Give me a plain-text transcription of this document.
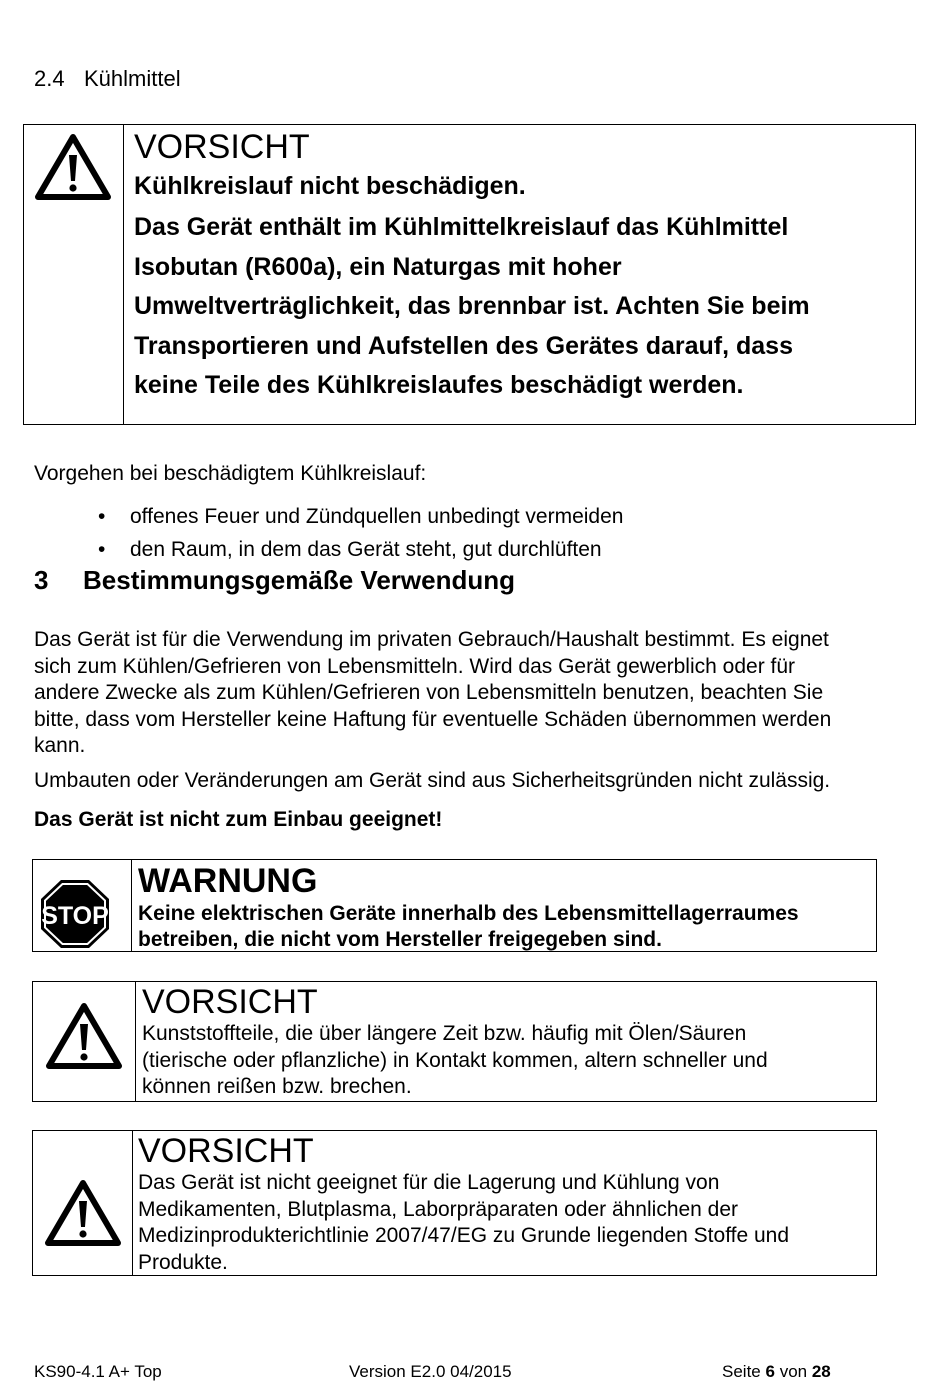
2.4 Kühlmittel
VORSICHT
Kühlkreislauf nicht beschädigen.
Das Gerät enthält im Kühlmittelkreislauf das Kühlmittel
Isobutan (R600a), ein Naturgas mit hoher
Umweltverträglichkeit, das brennbar ist. Achten Sie beim
Transportieren und Aufstellen des Gerätes darauf, dass
keine Teile des Kühlkreislaufes beschädigt werden.
Vorgehen bei beschädigtem Kühlkreislauf:
• offenes Feuer und Zündquellen unbedingt vermeiden
• den Raum, in dem das Gerät steht, gut durchlüften
3 Bestimmungsgemäße Verwendung
Das Gerät ist für die Verwendung im privaten Gebrauch/Haushalt bestimmt. Es eignet
sich zum Kühlen/Gefrieren von Lebensmitteln. Wird das Gerät gewerblich oder für
andere Zwecke als zum Kühlen/Gefrieren von Lebensmitteln benutzen, beachten Sie
bitte, dass vom Hersteller keine Haftung für eventuelle Schäden übernommen werden
kann.
Umbauten oder Veränderungen am Gerät sind aus Sicherheitsgründen nicht zulässig.
Das Gerät ist nicht zum Einbau geeignet!
STOP
WARNUNG
Keine elektrischen Geräte innerhalb des Lebensmittellagerraumes
betreiben, die nicht vom Hersteller freigegeben sind.
VORSICHT
Kunststoffteile, die über längere Zeit bzw. häufig mit Ölen/Säuren
(tierische oder pflanzliche) in Kontakt kommen, altern schneller und
können reißen bzw. brechen.
VORSICHT
Das Gerät ist nicht geeignet für die Lagerung und Kühlung von
Medikamenten, Blutplasma, Laborpräparaten oder ähnlichen der
Medizinprodukterichtlinie 2007/47/EG zu Grunde liegenden Stoffe und
Produkte.
KS90-4.1 A+ Top	Version E2.0 04/2015	Seite 6 von 28
